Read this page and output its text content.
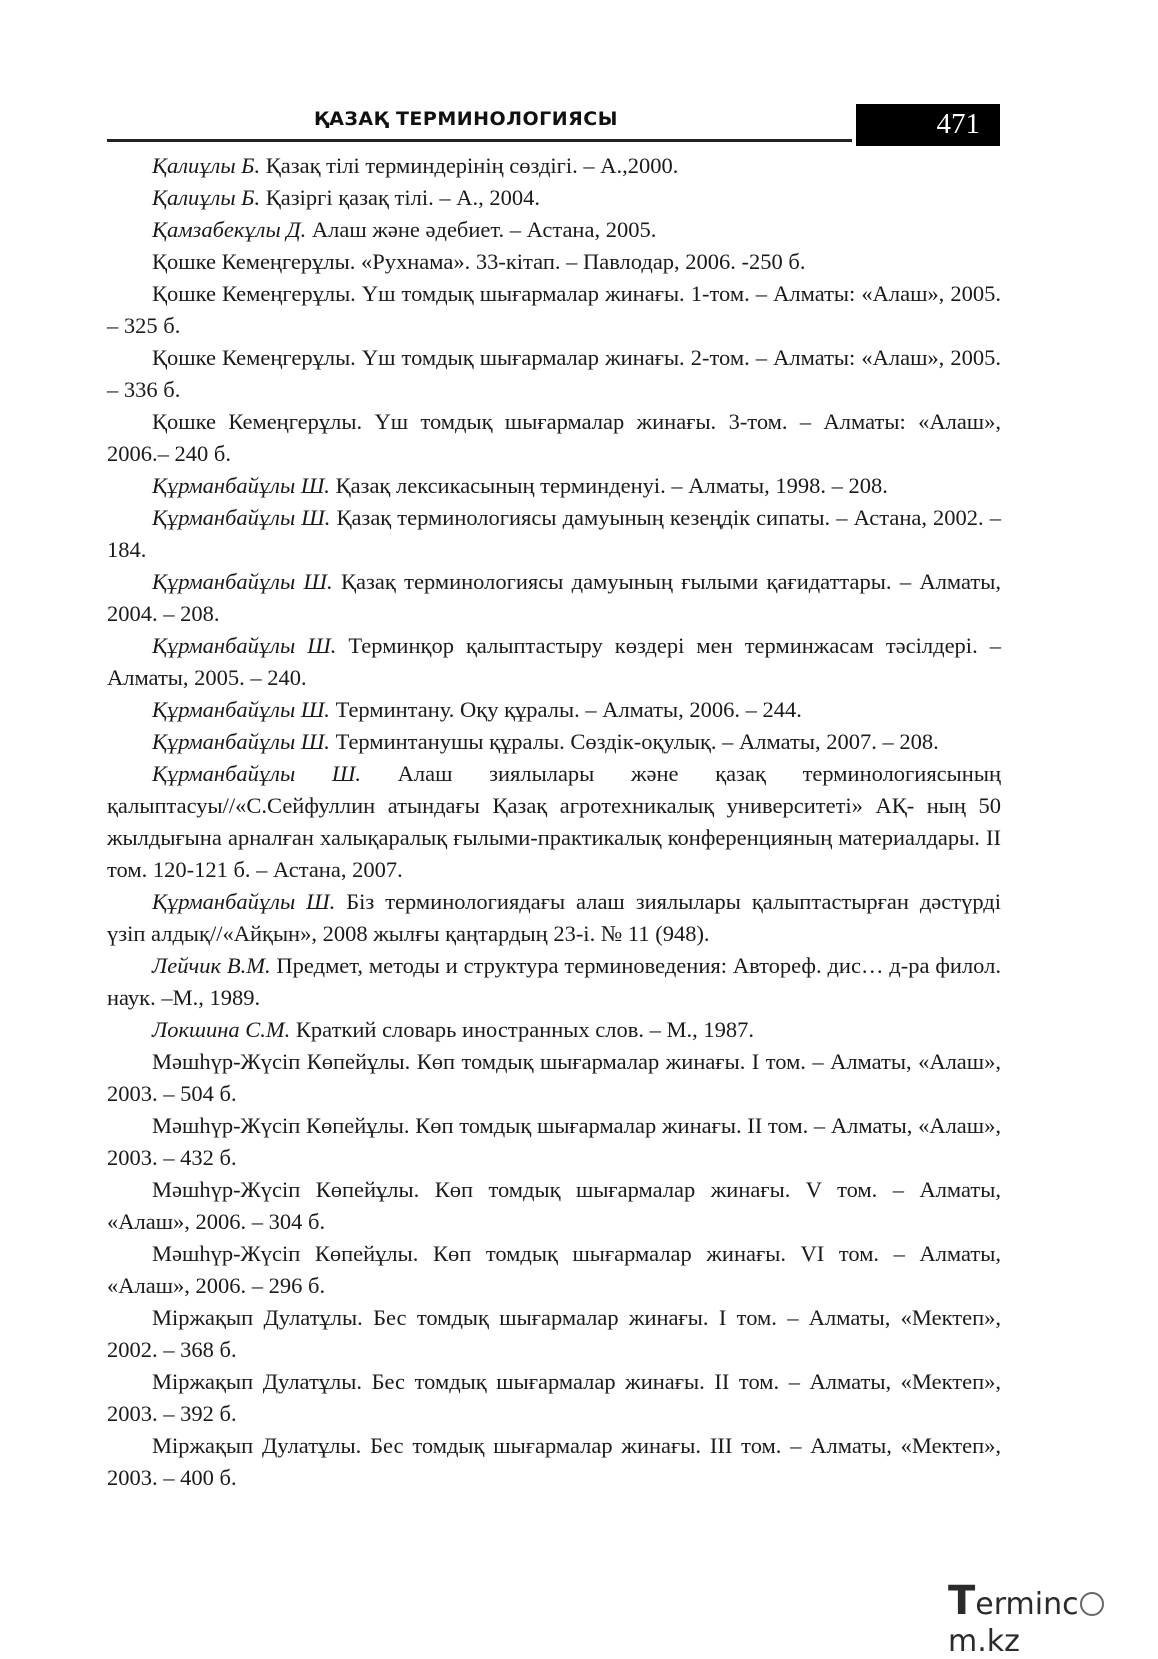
ҚАЗАҚ ТЕРМИНОЛОГИЯСЫ	471

Қалиұлы Б. Қазақ тілі терминдерінің сөздігі. – А.,2000.

Қалиұлы Б. Қазіргі қазақ тілі. – А., 2004.

Қамзабекұлы Д. Алаш және әдебиет. – Астана, 2005.

Қошке Кемеңгерұлы. «Рухнама». 33-кітап. – Павлодар, 2006. -250 б.

Қошке Кемеңгерұлы. Үш томдық шығармалар жинағы. 1-том. – Алматы: «Алаш», 2005. – 325 б.

Қошке Кемеңгерұлы. Үш томдық шығармалар жинағы. 2-том. – Алматы: «Алаш», 2005. – 336 б.

Қошке Кемеңгерұлы. Үш томдық шығармалар жинағы. 3-том. – Алматы: «Алаш», 2006.– 240 б.

Құрманбайұлы Ш. Қазақ лексикасының терминденуі. – Алматы, 1998. – 208.

Құрманбайұлы Ш. Қазақ терминологиясы дамуының кезеңдік сипаты. – Астана, 2002. –184.

Құрманбайұлы Ш. Қазақ терминологиясы дамуының ғылыми қағидаттары. – Алматы, 2004. – 208.

Құрманбайұлы Ш. Терминқор қалыптастыру көздері мен терминжасам тәсілдері. – Алматы, 2005. – 240.

Құрманбайұлы Ш. Терминтану. Оқу құралы. – Алматы, 2006. – 244.

Құрманбайұлы Ш. Терминтанушы құралы. Сөздік-оқулық. – Алматы, 2007. – 208.

Құрманбайұлы Ш. Алаш зиялылары және қазақ терминологиясының қалыптасуы//«С.Сейфуллин атындағы Қазақ агротехникалық университеті» АҚ- ның 50 жылдығына арналған халықаралық ғылыми-практикалық конференцияның материалдары. ІІ том. 120-121 б. – Астана, 2007.

Құрманбайұлы Ш. Біз терминологиядағы алаш зиялылары қалыптастырған дәстүрді үзіп алдық//«Айқын», 2008 жылғы қаңтардың 23-і. № 11 (948).

Лейчик В.М. Предмет, методы и структура терминоведения: Автореф. дис… д-ра филол. наук. –М., 1989.

Локшина С.М. Краткий словарь иностранных слов. – М., 1987.

Мәшһүр-Жүсіп Көпейұлы. Көп томдық шығармалар жинағы. І том. – Алматы, «Алаш», 2003. – 504 б.

Мәшһүр-Жүсіп Көпейұлы. Көп томдық шығармалар жинағы. ІІ том. – Алматы, «Алаш», 2003. – 432 б.

Мәшһүр-Жүсіп Көпейұлы. Көп томдық шығармалар жинағы. V том. – Алматы, «Алаш», 2006. – 304 б.

Мәшһүр-Жүсіп Көпейұлы. Көп томдық шығармалар жинағы. VІ том. – Алматы, «Алаш», 2006. – 296 б.

Міржақып Дулатұлы. Бес томдық шығармалар жинағы. І том. – Алматы, «Мектеп», 2002. – 368 б.

Міржақып Дулатұлы. Бес томдық шығармалар жинағы. ІІ том. – Алматы, «Мектеп», 2003. – 392 б.

Міржақып Дулатұлы. Бес томдық шығармалар жинағы. ІІІ том. – Алматы, «Мектеп», 2003. – 400 б.

Termincm.kz
